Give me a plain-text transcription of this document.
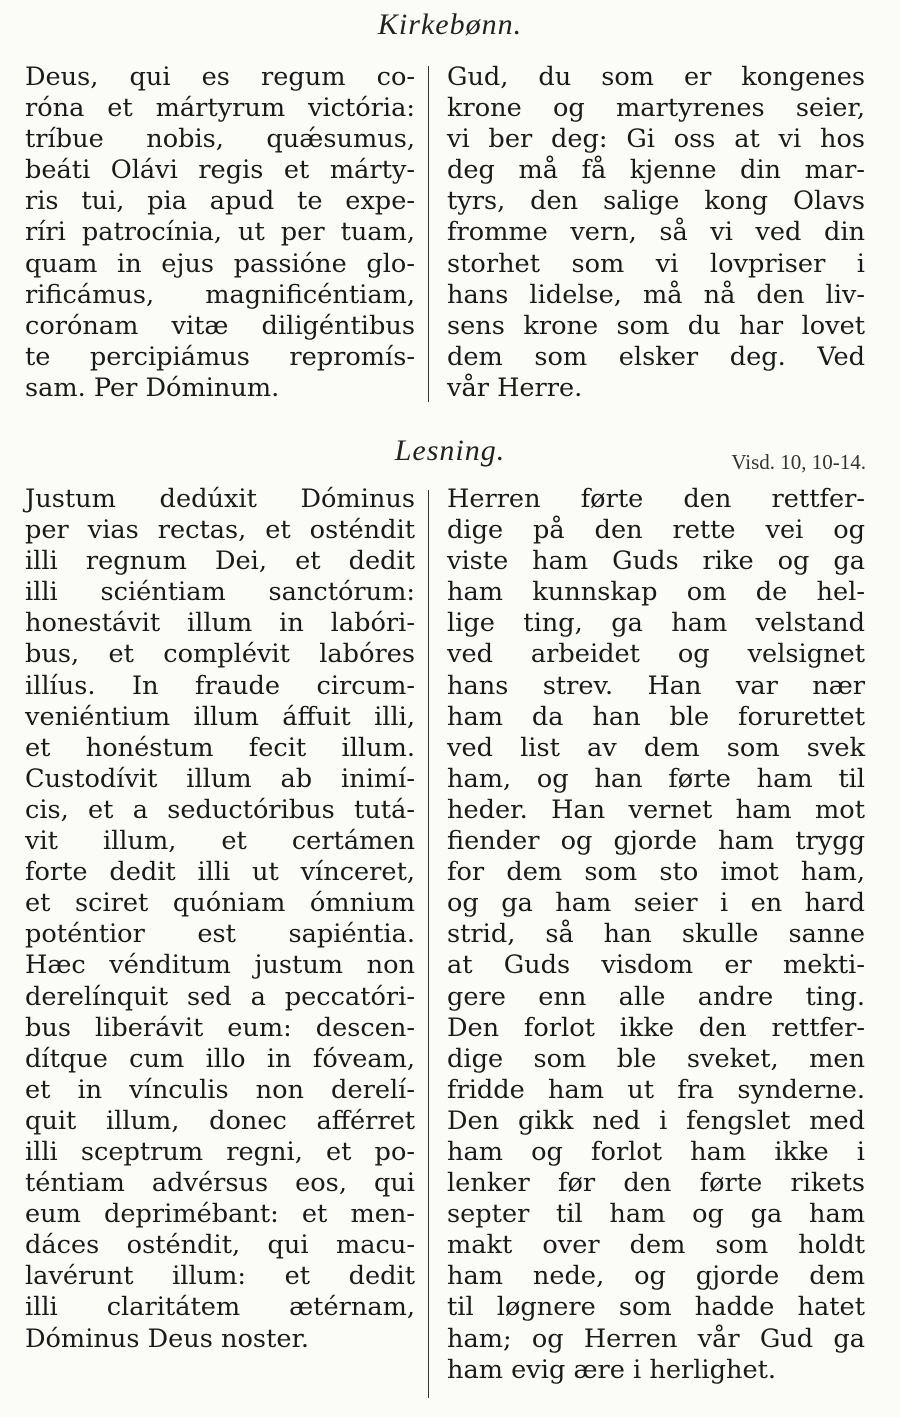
Kirkebønn.

Deus, qui es regum co-
róna et mártyrum victória:
tríbue nobis, quǽsumus,
beáti Olávi regis et márty-
ris tui, pia apud te expe-
ríri patrocínia, ut per tuam,
quam in ejus passióne glo-
rificámus, magnificéntiam,
corónam vitæ diligéntibus
te percipiámus repromís-
sam. Per Dóminum.

Gud, du som er kongenes
krone og martyrenes seier,
vi ber deg: Gi oss at vi hos
deg må få kjenne din mar-
tyrs, den salige kong Olavs
fromme vern, så vi ved din
storhet som vi lovpriser i
hans lidelse, må nå den liv-
sens krone som du har lovet
dem som elsker deg. Ved
vår Herre.

Lesning.	Visd. 10, 10-14.

Justum dedúxit Dóminus
per vias rectas, et osténdit
illi regnum Dei, et dedit
illi sciéntiam sanctórum:
honestávit illum in labóri-
bus, et complévit labóres
illíus. In fraude circum-
veniéntium illum áffuit illi,
et honéstum fecit illum.
Custodívit illum ab inimí-
cis, et a seductóribus tutá-
vit illum, et certámen
forte dedit illi ut vínceret,
et sciret quóniam ómnium
poténtior est sapiéntia.
Hæc vénditum justum non
derelínquit sed a peccatóri-
bus liberávit eum: descen-
dítque cum illo in fóveam,
et in vínculis non derelí-
quit illum, donec afférret
illi sceptrum regni, et po-
téntiam advérsus eos, qui
eum deprimébant: et men-
dáces osténdit, qui macu-
lavérunt illum: et dedit
illi claritátem ætérnam,
Dóminus Deus noster.

Herren førte den rettfer-
dige på den rette vei og
viste ham Guds rike og ga
ham kunnskap om de hel-
lige ting, ga ham velstand
ved arbeidet og velsignet
hans strev. Han var nær
ham da han ble forurettet
ved list av dem som svek
ham, og han førte ham til
heder. Han vernet ham mot
fiender og gjorde ham trygg
for dem som sto imot ham,
og ga ham seier i en hard
strid, så han skulle sanne
at Guds visdom er mekti-
gere enn alle andre ting.
Den forlot ikke den rettfer-
dige som ble sveket, men
fridde ham ut fra synderne.
Den gikk ned i fengslet med
ham og forlot ham ikke i
lenker før den førte rikets
septer til ham og ga ham
makt over dem som holdt
ham nede, og gjorde dem
til løgnere som hadde hatet
ham; og Herren vår Gud ga
ham evig ære i herlighet.
